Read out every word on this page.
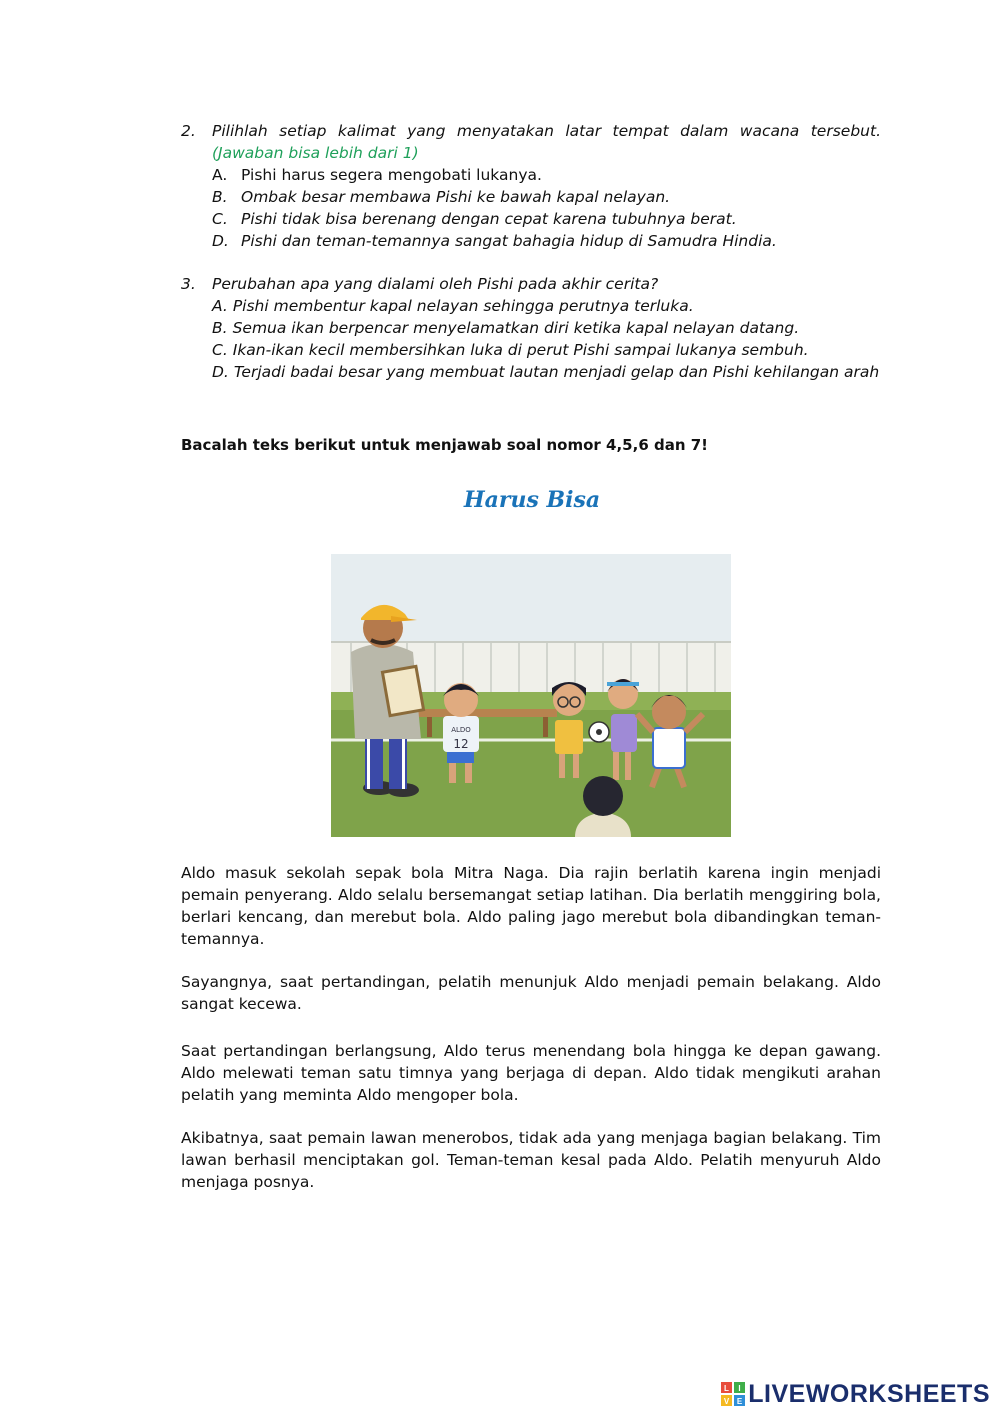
2. Pilihlah setiap kalimat yang menyatakan latar tempat dalam wacana tersebut.
(Jawaban bisa lebih dari 1)
A. Pishi harus segera mengobati lukanya.
B. Ombak besar membawa Pishi ke bawah kapal nelayan.
C. Pishi tidak bisa berenang dengan cepat karena tubuhnya berat.
D. Pishi dan teman-temannya sangat bahagia hidup di Samudra Hindia.
3. Perubahan apa yang dialami oleh Pishi pada akhir cerita?
A. Pishi membentur kapal nelayan sehingga perutnya terluka.
B. Semua ikan berpencar menyelamatkan diri ketika kapal nelayan datang.
C. Ikan-ikan kecil membersihkan luka di perut Pishi sampai lukanya sembuh.
D. Terjadi badai besar yang membuat lautan menjadi gelap dan Pishi kehilangan arah
Bacalah teks berikut untuk menjawab soal nomor 4,5,6 dan 7!
Harus Bisa
ALDO
12
Aldo masuk sekolah sepak bola Mitra Naga. Dia rajin berlatih karena ingin menjadi pemain penyerang. Aldo selalu bersemangat setiap latihan. Dia berlatih menggiring bola, berlari kencang, dan merebut bola. Aldo paling jago merebut bola dibandingkan teman-temannya.
Sayangnya, saat pertandingan, pelatih menunjuk Aldo menjadi pemain belakang. Aldo sangat kecewa.
Saat pertandingan berlangsung, Aldo terus menendang bola hingga ke depan gawang. Aldo melewati teman satu timnya yang berjaga di depan. Aldo tidak mengikuti arahan pelatih yang meminta Aldo mengoper bola.
Akibatnya, saat pemain lawan menerobos, tidak ada yang menjaga bagian belakang. Tim lawan berhasil menciptakan gol. Teman-teman kesal pada Aldo. Pelatih menyuruh Aldo menjaga posnya.
L I
V E LIVEWORKSHEETS
